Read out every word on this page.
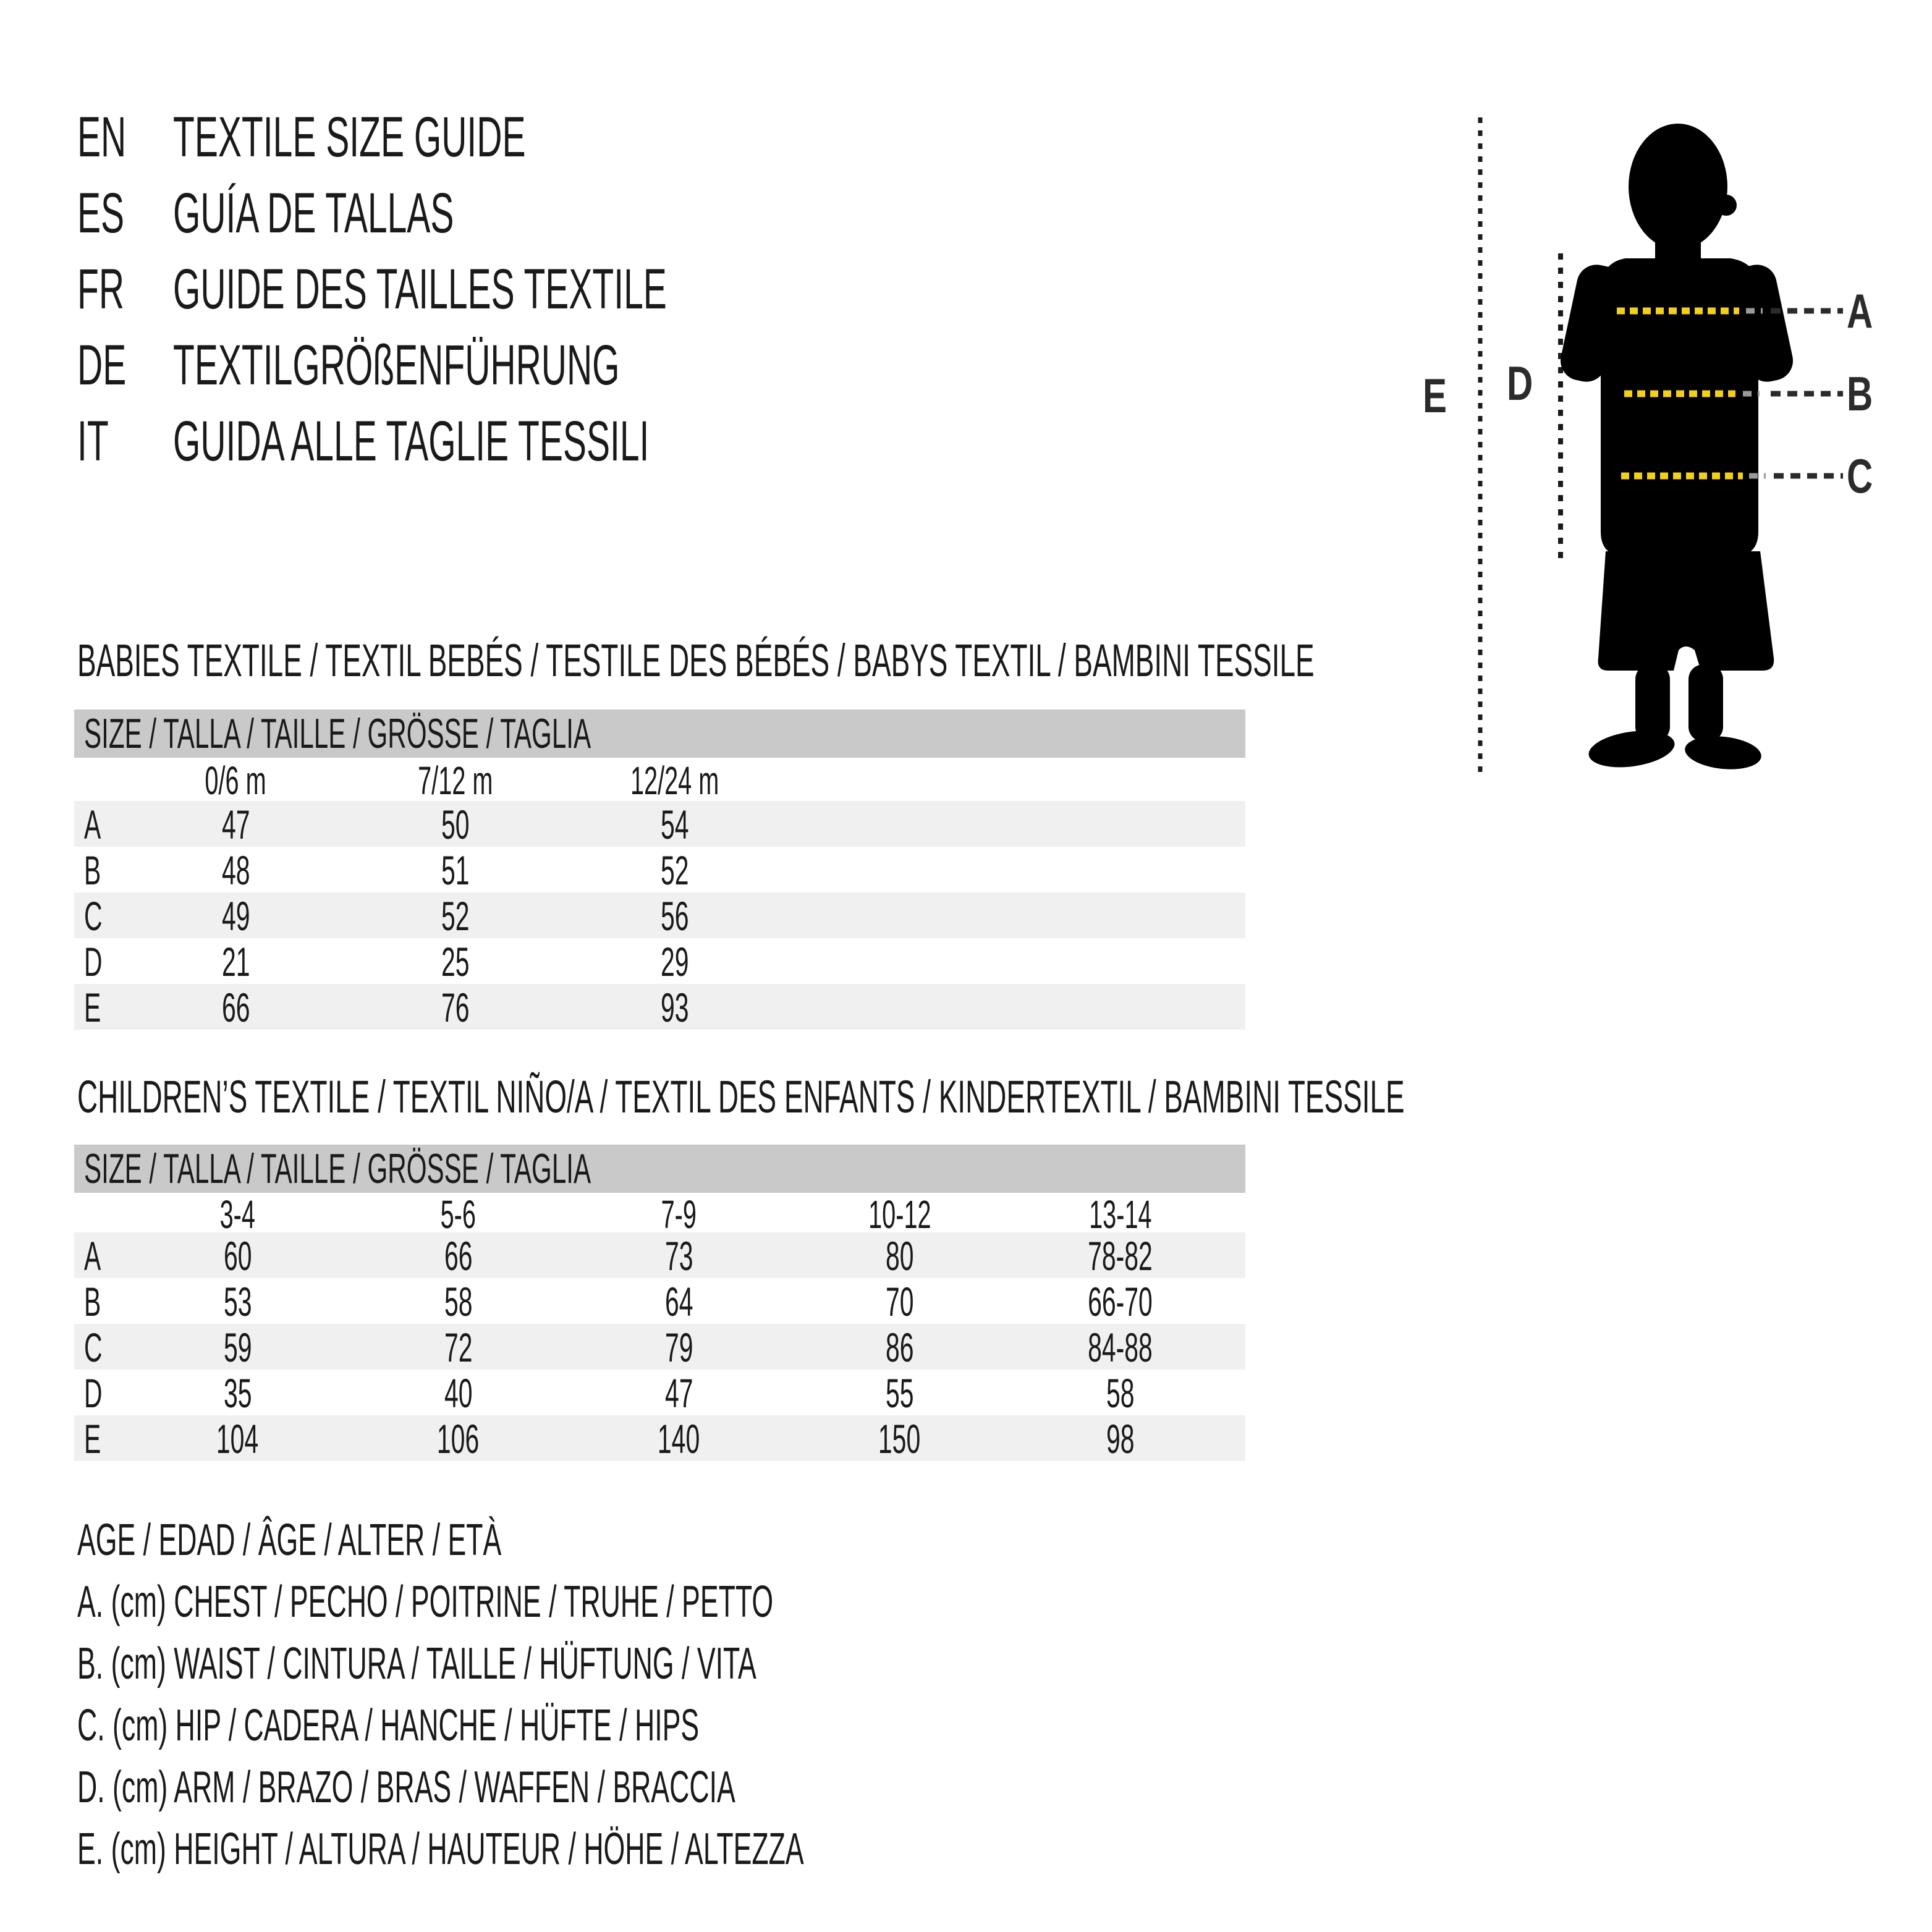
EN TEXTILE SIZE GUIDE
ES GUÍA DE TALLAS
FR GUIDE DES TAILLES TEXTILE
DE TEXTILGRÖßENFÜHRUNG
IT GUIDA ALLE TAGLIE TESSILI
A
B
C
D
E
BABIES TEXTILE / TEXTIL BEBÉS / TESTILE DES BÉBÉS / BABYS TEXTIL / BAMBINI TESSILE
SIZE / TALLA / TAILLE / GRÖSSE / TAGLIA
0/6 m	7/12 m	12/24 m
A	47	50	54
B	48	51	52
C	49	52	56
D	21	25	29
E	66	76	93
CHILDREN’S TEXTILE / TEXTIL NIÑO/A / TEXTIL DES ENFANTS / KINDERTEXTIL / BAMBINI TESSILE
SIZE / TALLA / TAILLE / GRÖSSE / TAGLIA
3-4	5-6	7-9	10-12	13-14
A	60	66	73	80	78-82
B	53	58	64	70	66-70
C	59	72	79	86	84-88
D	35	40	47	55	58
E	104	106	140	150	98
AGE / EDAD / ÂGE / ALTER / ETÀ
A. (cm) CHEST / PECHO / POITRINE / TRUHE / PETTO
B. (cm) WAIST / CINTURA / TAILLE / HÜFTUNG / VITA
C. (cm) HIP / CADERA / HANCHE / HÜFTE / HIPS
D. (cm) ARM / BRAZO / BRAS / WAFFEN / BRACCIA
E. (cm) HEIGHT / ALTURA / HAUTEUR / HÖHE / ALTEZZA
